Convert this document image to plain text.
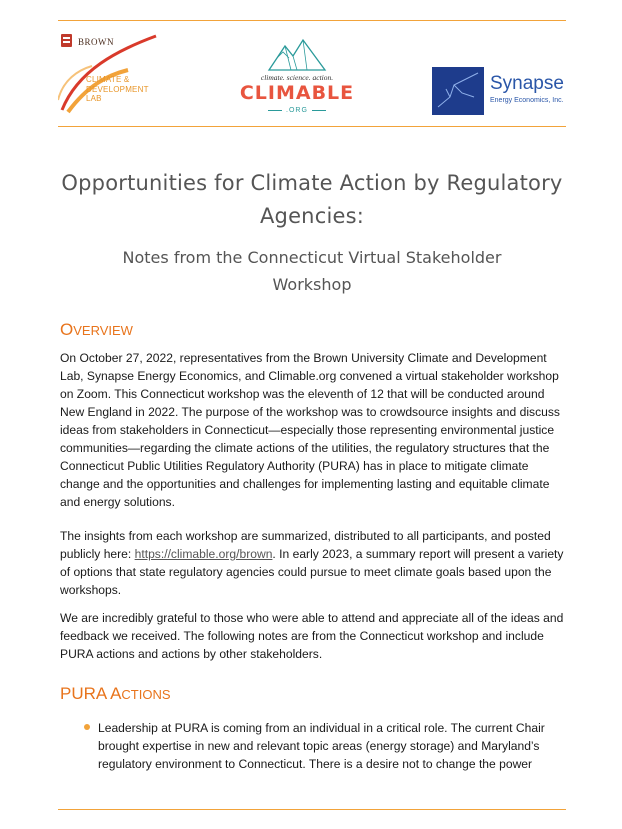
BROWN
CLIMATE &
DEVELOPMENT
LAB
climate. science. action.
CLIMABLE
.ORG
Synapse
Energy Economics, Inc.
Opportunities for Climate Action by Regulatory
Agencies:
Notes from the Connecticut Virtual Stakeholder
Workshop
OVERVIEW

On October 27, 2022, representatives from the Brown University Climate and Development Lab, Synapse Energy Economics, and Climable.org convened a virtual stakeholder workshop on Zoom. This Connecticut workshop was the eleventh of 12 that will be conducted around New England in 2022. The purpose of the workshop was to crowdsource insights and discuss ideas from stakeholders in Connecticut—especially those representing environmental justice communities—regarding the climate actions of the utilities, the regulatory structures that the Connecticut Public Utilities Regulatory Authority (PURA) has in place to mitigate climate change and the opportunities and challenges for implementing lasting and equitable climate and energy solutions.

The insights from each workshop are summarized, distributed to all participants, and posted publicly here: https://climable.org/brown. In early 2023, a summary report will present a variety of options that state regulatory agencies could pursue to meet climate goals based upon the workshops.

We are incredibly grateful to those who were able to attend and appreciate all of the ideas and feedback we received. The following notes are from the Connecticut workshop and include PURA actions and actions by other stakeholders.

PURA ACTIONS
Leadership at PURA is coming from an individual in a critical role. The current Chair brought expertise in new and relevant topic areas (energy storage) and Maryland’s regulatory environment to Connecticut. There is a desire not to change the power
